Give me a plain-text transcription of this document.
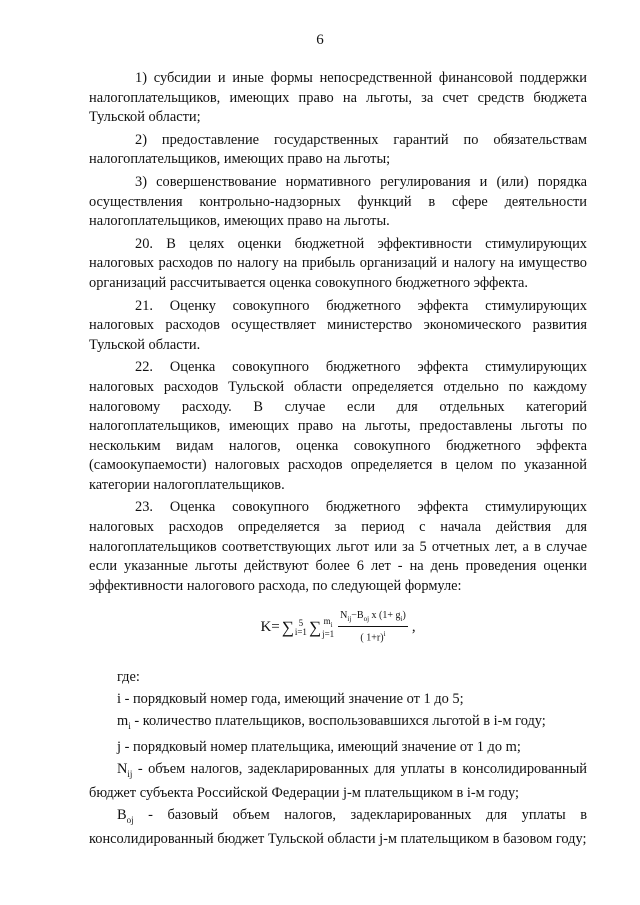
6

1) субсидии и иные формы непосредственной финансовой поддержки налогоплательщиков, имеющих право на льготы, за счет средств бюджета Тульской области;

2) предоставление государственных гарантий по обязательствам налогоплательщиков, имеющих право на льготы;

3) совершенствование нормативного регулирования и (или) порядка осуществления контрольно-надзорных функций в сфере деятельности налогоплательщиков, имеющих право на льготы.

20. В целях оценки бюджетной эффективности стимулирующих налоговых расходов по налогу на прибыль организаций и налогу на имущество организаций рассчитывается оценка совокупного бюджетного эффекта.

21. Оценку совокупного бюджетного эффекта стимулирующих налоговых расходов осуществляет министерство экономического развития Тульской области.

22. Оценка совокупного бюджетного эффекта стимулирующих налоговых расходов Тульской области определяется отдельно по каждому налоговому расходу. В случае если для отдельных категорий налогоплательщиков, имеющих право на льготы, предоставлены льготы по нескольким видам налогов, оценка совокупного бюджетного эффекта (самоокупаемости) налоговых расходов определяется в целом по указанной категории налогоплательщиков.

23. Оценка совокупного бюджетного эффекта стимулирующих налоговых расходов определяется за период с начала действия для налогоплательщиков соответствующих льгот или за 5 отчетных лет, а в случае если указанные льготы действуют более 6 лет - на день проведения оценки эффективности налогового расхода, по следующей формуле:

K= ∑ 5
i=1 ∑ $m_i$
$j=1 \frac{N_{ij}-B_{oj} x (1+ g_i)}{( 1+r)^i}$ ,

где:

i - порядковый номер года, имеющий значение от 1 до 5;

$m_i$ - количество плательщиков, воспользовавшихся льготой в i-м году;

j - порядковый номер плательщика, имеющий значение от 1 до m;

$N_{ij}$ - объем налогов, задекларированных для уплаты в консолидированный бюджет субъекта Российской Федерации j-м плательщиком в i-м году;

$B_{oj}$ - базовый объем налогов, задекларированных для уплаты в консолидированный бюджет Тульской области j-м плательщиком в базовом году;
